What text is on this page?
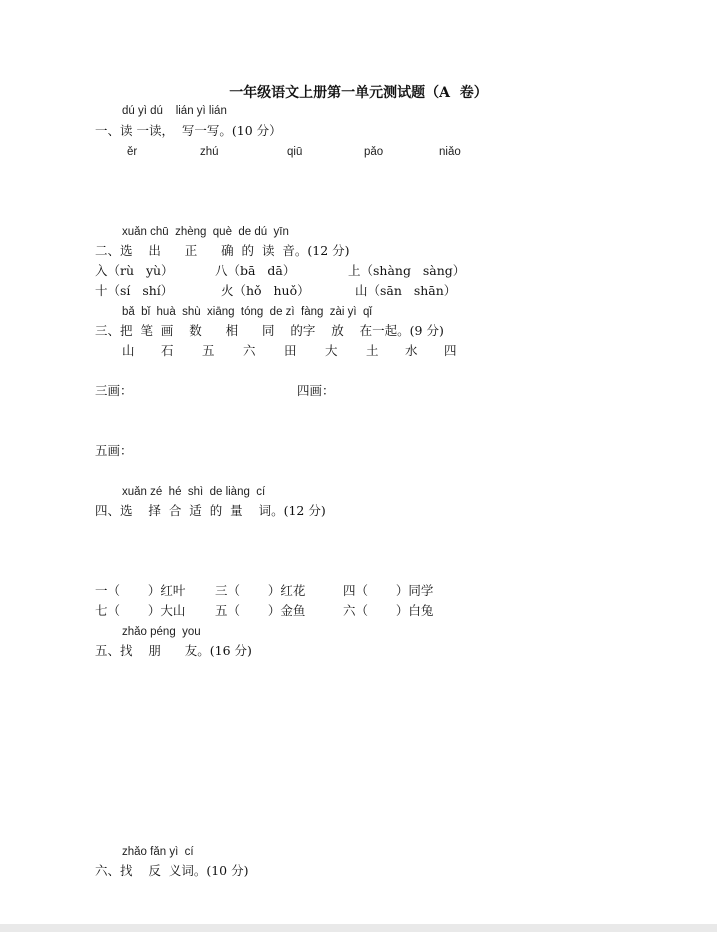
一年级语文上册第一单元测试题（A  卷）
dú yì dú    lián yì lián
一、读 一读，  写一写。(10 分）
ěr	zhú	qiū	pǎo	niǎo
xuǎn chū  zhèng  què  de dú  yīn
二、选    出      正      确  的  读  音。(12 分)
入（rù   yù）	八（bā   dā）	上（shàng   sàng）
十（sí   shí）	火（hǒ   huǒ）	山（sān   shān）
bǎ  bǐ  huà  shù  xiāng  tóng  de zì  fàng  zài yì  qǐ
三、把  笔  画    数      相      同    的字    放    在一起。(9 分)
山 石 五 六 田 大 土 水 四
三画：	四画：
五画：
xuǎn zé  hé  shì  de liàng  cí
四、选    择  合  适  的  量    词。(12 分)
一（       ）红叶 三（       ）红花	四（       ）同学
七（       ）大山 五（       ）金鱼	六（       ）白兔
zhǎo péng  you
五、找    朋      友。(16 分)
zhǎo fǎn yì  cí
六、找    反  义词。(10 分)
